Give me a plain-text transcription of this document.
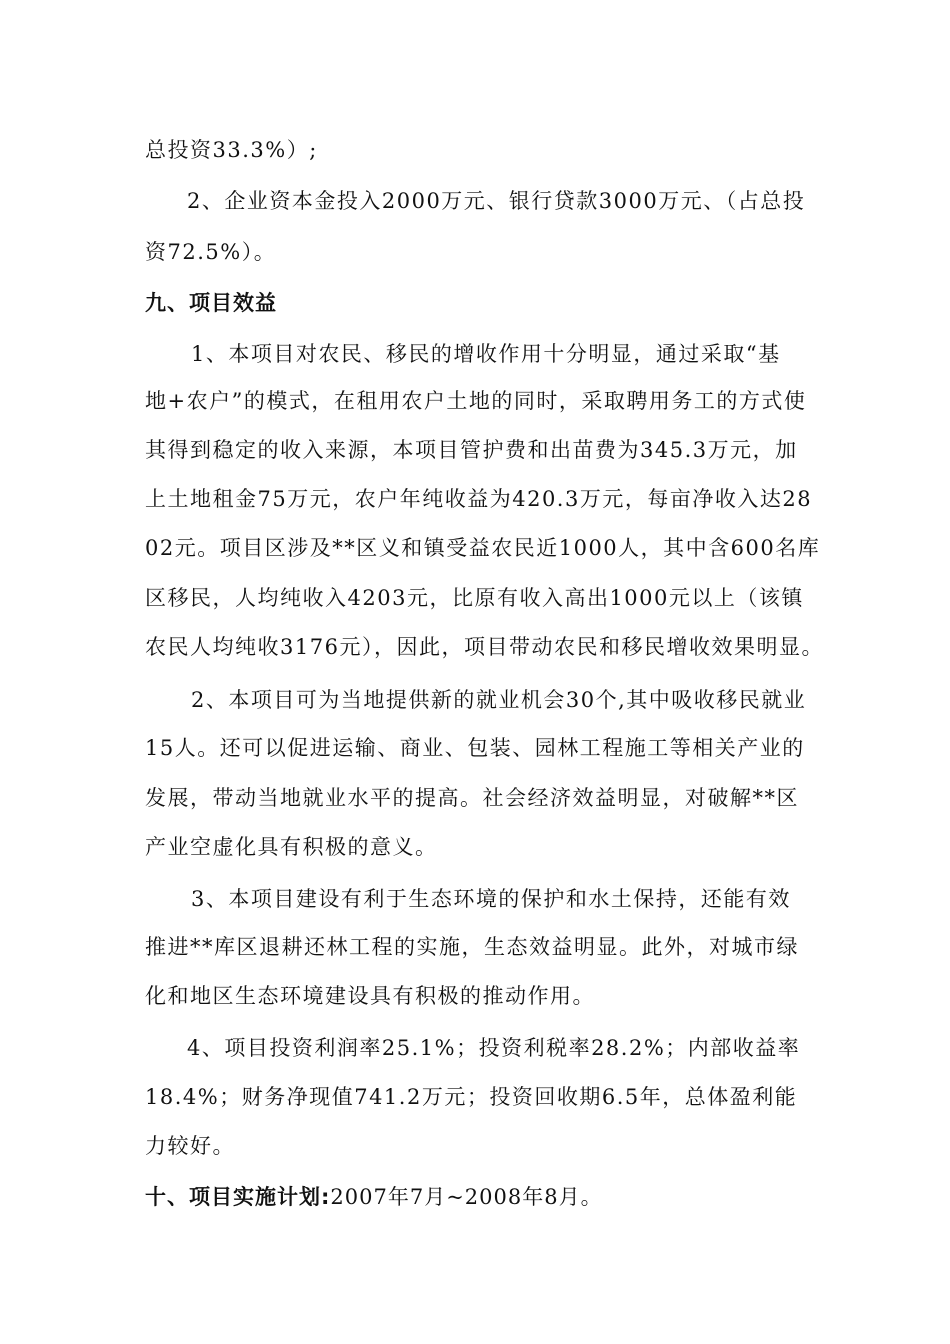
总投资33.3%）;
2、企业资本金投入2000万元、银行贷款3000万元、（占总投
资72.5%）。
九、项目效益
1、本项目对农民、移民的增收作用十分明显，通过采取“基
地+农户”的模式，在租用农户土地的同时，采取聘用务工的方式使
其得到稳定的收入来源，本项目管护费和出苗费为345.3万元，加
上土地租金75万元，农户年纯收益为420.3万元，每亩净收入达28
02元。项目区涉及**区义和镇受益农民近1000人，其中含600名库
区移民，人均纯收入4203元，比原有收入高出1000元以上（该镇
农民人均纯收3176元），因此，项目带动农民和移民增收效果明显。
2、本项目可为当地提供新的就业机会30个,其中吸收移民就业
15人。还可以促进运输、商业、包装、园林工程施工等相关产业的
发展，带动当地就业水平的提高。社会经济效益明显，对破解**区
产业空虚化具有积极的意义。
3、本项目建设有利于生态环境的保护和水土保持，还能有效
推进**库区退耕还林工程的实施，生态效益明显。此外，对城市绿
化和地区生态环境建设具有积极的推动作用。
4、项目投资利润率25.1%；投资利税率28.2%；内部收益率
18.4%；财务净现值741.2万元；投资回收期6.5年，总体盈利能
力较好。
十、项目实施计划:2007年7月~2008年8月。
